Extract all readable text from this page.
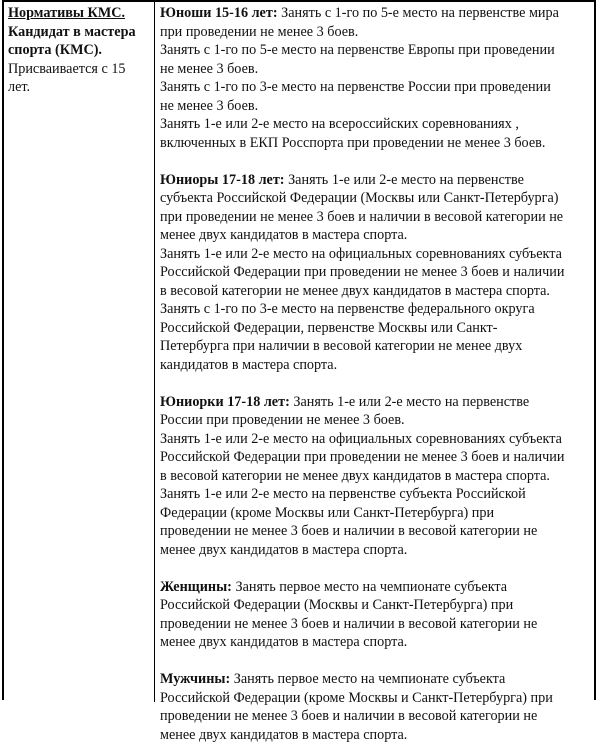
Нормативы КМС.
Кандидат в мастера
спорта (КМС).
Присваивается с 15
лет.
Юноши 15-16 лет: Занять с 1-го по 5-е место на первенстве мира
при проведении не менее 3 боев.
Занять с 1-го по 5-е место на первенстве Европы при проведении
не менее 3 боев.
Занять с 1-го по 3-е место на первенстве России при проведении
не менее 3 боев.
Занять 1-е или 2-е место на всероссийских соревнованиях ,
включенных в ЕКП Росспорта при проведении не менее 3 боев.
Юниоры 17-18 лет: Занять 1-е или 2-е место на первенстве
субъекта Российской Федерации (Москвы или Санкт-Петербурга)
при проведении не менее 3 боев и наличии в весовой категории не
менее двух кандидатов в мастера спорта.
Занять 1-е или 2-е место на официальных соревнованиях субъекта
Российской Федерации при проведении не менее 3 боев и наличии
в весовой категории не менее двух кандидатов в мастера спорта.
Занять с 1-го по 3-е место на первенстве федерального округа
Российской Федерации, первенстве Москвы или Санкт-
Петербурга при наличии в весовой категории не менее двух
кандидатов в мастера спорта.
Юниорки 17-18 лет: Занять 1-е или 2-е место на первенстве
России при проведении не менее 3 боев.
Занять 1-е или 2-е место на официальных соревнованиях субъекта
Российской Федерации при проведении не менее 3 боев и наличии
в весовой категории не менее двух кандидатов в мастера спорта.
Занять 1-е или 2-е место на первенстве субъекта Российской
Федерации (кроме Москвы или Санкт-Петербурга) при
проведении не менее 3 боев и наличии в весовой категории не
менее двух кандидатов в мастера спорта.
Женщины: Занять первое место на чемпионате субъекта
Российской Федерации (Москвы и Санкт-Петербурга) при
проведении не менее 3 боев и наличии в весовой категории не
менее двух кандидатов в мастера спорта.
Мужчины: Занять первое место на чемпионате субъекта
Российской Федерации (кроме Москвы и Санкт-Петербурга) при
проведении не менее 3 боев и наличии в весовой категории не
менее двух кандидатов в мастера спорта.
